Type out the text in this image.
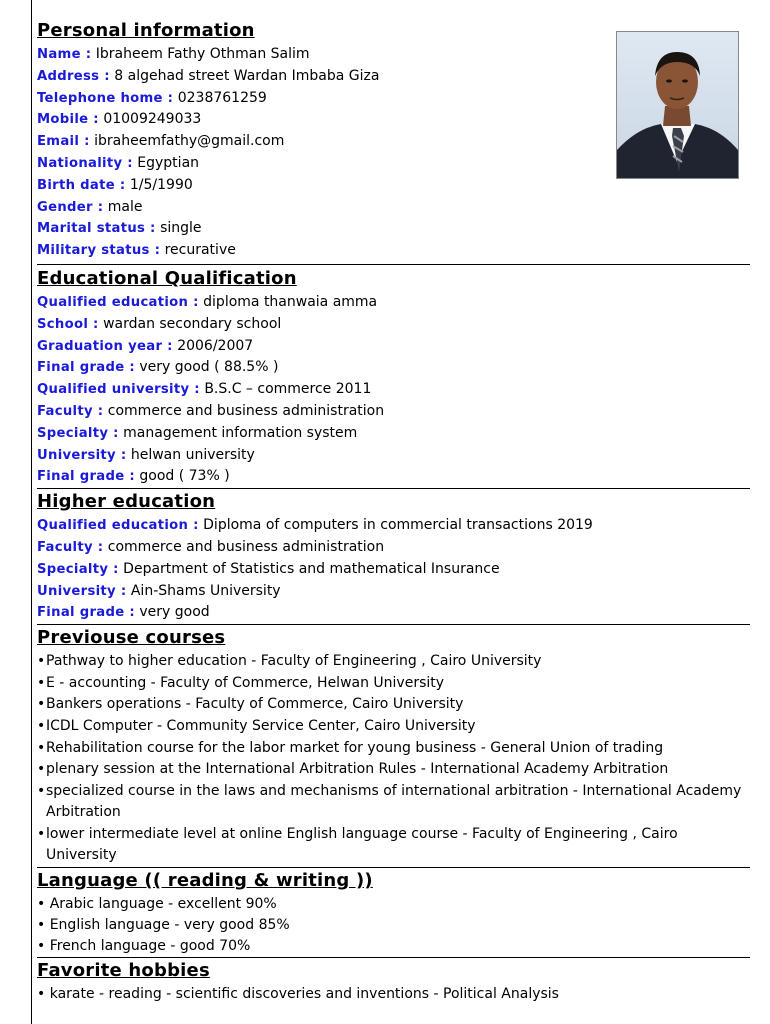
Personal information
Name : Ibraheem Fathy Othman Salim
Address : 8 algehad street Wardan Imbaba Giza
Telephone home : 0238761259
Mobile : 01009249033
Email : ibraheemfathy@gmail.com
Nationality : Egyptian
Birth date : 1/5/1990
Gender : male
Marital status : single
Military status : recurative
Educational Qualification
Qualified education : diploma thanwaia amma
School : wardan secondary school
Graduation year : 2006/2007
Final grade : very good ( 88.5% )
Qualified university : B.S.C – commerce 2011
Faculty : commerce and business administration
Specialty : management information system
University : helwan university
Final grade : good ( 73% )
Higher education
Qualified education : Diploma of computers in commercial transactions 2019
Faculty : commerce and business administration
Specialty : Department of Statistics and mathematical Insurance
University : Ain-Shams University
Final grade : very good
Previouse courses
•Pathway to higher education - Faculty of Engineering , Cairo University
•E - accounting - Faculty of Commerce, Helwan University
•Bankers operations - Faculty of Commerce, Cairo University
•ICDL Computer - Community Service Center, Cairo University
•Rehabilitation course for the labor market for young business - General Union of trading
•plenary session at the International Arbitration Rules - International Academy Arbitration
•specialized course in the laws and mechanisms of international arbitration - International Academy Arbitration
•lower intermediate level at online English language course - Faculty of Engineering , Cairo University
Language (( reading & writing ))
• Arabic language - excellent 90%
• English language - very good 85%
• French language - good 70%
Favorite hobbies
• karate - reading - scientific discoveries and inventions - Political Analysis
